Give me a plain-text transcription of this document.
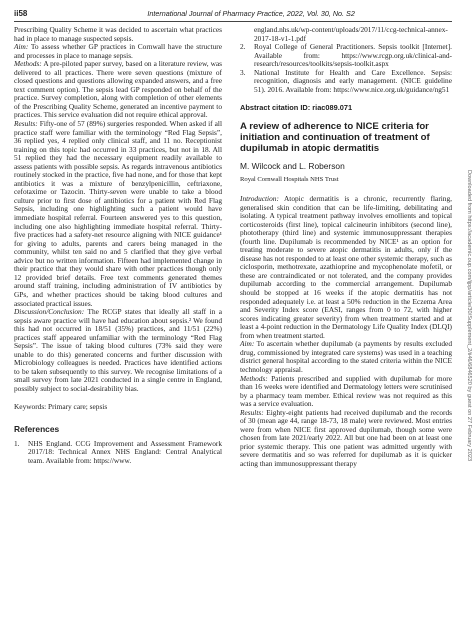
ii58	International Journal of Pharmacy Practice, 2022, Vol. 30, No. S2

Prescribing Quality Scheme it was decided to ascertain what practices had in place to manage suspected sepsis.

Aim: To assess whether GP practices in Cornwall have the structure and processes in place to manage sepsis.

Methods: A pre-piloted paper survey, based on a literature review, was delivered to all practices. There were seven questions (mixture of closed questions and questions allowing expanded answers, and a free text comment option). The sepsis lead GP responded on behalf of the practice. Survey completion, along with completion of other elements of the Prescribing Quality Scheme, generated an incentive payment to practices. This service evaluation did not require ethical approval.

Results: Fifty-one of 57 (89%) surgeries responded. When asked if all practice staff were familiar with the terminology “Red Flag Sepsis”, 36 replied yes, 4 replied only clinical staff, and 11 no. Receptionist training on this topic had occurred in 33 practices, but not in 18. All 51 replied they had the necessary equipment readily available to assess patients with possible sepsis. As regards intravenous antibiotics routinely stocked in the practice, five had none, and for those that kept antibiotics it was a mixture of benzylpenicillin, ceftriaxone, cefotaxime or Tazocin. Thirty-seven were unable to take a blood culture prior to first dose of antibiotics for a patient with Red Flag Sepsis, including one highlighting such a patient would have immediate hospital referral. Fourteen answered yes to this question, including one also highlighting immediate hospital referral. Thirty-five practices had a safety-net resource aligning with NICE guidance¹ for giving to adults, parents and carers being managed in the community, whilst ten said no and 5 clarified that they give verbal advice but no written information. Fifteen had implemented change in their practice that they would share with other practices though only 12 provided brief details. Free text comments generated themes around staff training, including administration of IV antibiotics by GPs, and whether practices should be taking blood cultures and associated practical issues.

Discussion/Conclusion: The RCGP states that ideally all staff in a sepsis aware practice will have had education about sepsis.² We found this had not occurred in 18/51 (35%) practices, and 11/51 (22%) practices staff appeared unfamiliar with the terminology “Red Flag Sepsis”. The issue of taking blood cultures (73% said they were unable to do this) generated concerns and further discussion with Microbiology colleagues is needed. Practices have identified actions to be taken subsequently to this survey. We recognise limitations of a small survey from late 2021 conducted in a single centre in England, possibly subject to social-desirability bias.

Keywords: Primary care; sepsis

References
1.	NHS England. CCG Improvement and Assessment Framework 2017/18: Technical Annex NHS England: Central Analytical team. Available from: https://www.
england.nhs.uk/wp-content/uploads/2017/11/ccg-technical-annex-2017-18-v1-1.pdf
2.	Royal College of General Practitioners. Sepsis toolkit [Internet]. Available from: https://www.rcgp.org.uk/clinical-and-research/resources/toolkits/sepsis-toolkit.aspx
3.	National Institute for Health and Care Excellence. Sepsis: recognition, diagnosis and early management. (NICE guideline 51). 2016. Available from: https://www.nice.org.uk/guidance/ng51
Abstract citation ID: riac089.071
A review of adherence to NICE criteria for initiation and continuation of treatment of dupilumab in atopic dermatitis
M. Wilcock and L. Roberson
Royal Cornwall Hospitals NHS Trust

Introduction: Atopic dermatitis is a chronic, recurrently flaring, generalised skin condition that can be life-limiting, debilitating and isolating. A typical treatment pathway involves emollients and topical corticosteroids (first line), topical calcineurin inhibitors (second line), phototherapy (third line) and systemic immunosuppressant therapies (fourth line. Dupilumab is recommended by NICE¹ as an option for treating moderate to severe atopic dermatitis in adults, only if the disease has not responded to at least one other systemic therapy, such as ciclosporin, methotrexate, azathioprine and mycophenolate mofetil, or these are contraindicated or not tolerated, and the company provides dupilumab according to the commercial arrangement. Dupilumab should be stopped at 16 weeks if the atopic dermatitis has not responded adequately i.e. at least a 50% reduction in the Eczema Area and Severity Index score (EASI, ranges from 0 to 72, with higher scores indicating greater severity) from when treatment started and at least a 4-point reduction in the Dermatology Life Quality Index (DLQI) from when treatment started.

Aim: To ascertain whether dupilumab (a payments by results excluded drug, commissioned by integrated care systems) was used in a teaching district general hospital according to the stated criteria within the NICE technology appraisal.

Methods: Patients prescribed and supplied with dupilumab for more than 16 weeks were identified and Dermatology letters were scrutinised by a pharmacy team member. Ethical review was not required as this was a service evaluation.

Results: Eighty-eight patients had received dupilumab and the records of 30 (mean age 44, range 18-73, 18 male) were reviewed. Most entries were from when NICE first approved dupilumab, though some were chosen from late 2021/early 2022. All but one had been on at least one prior systemic therapy. This one patient was admitted urgently with severe dermatitis and so was referred for dupilumab as it is quicker acting than immunosuppressant therapy

Downloaded from https://academic.oup.com/ijpp/article/30/Supplement_2/ii46/6846520 by guest on 27 February 2023
